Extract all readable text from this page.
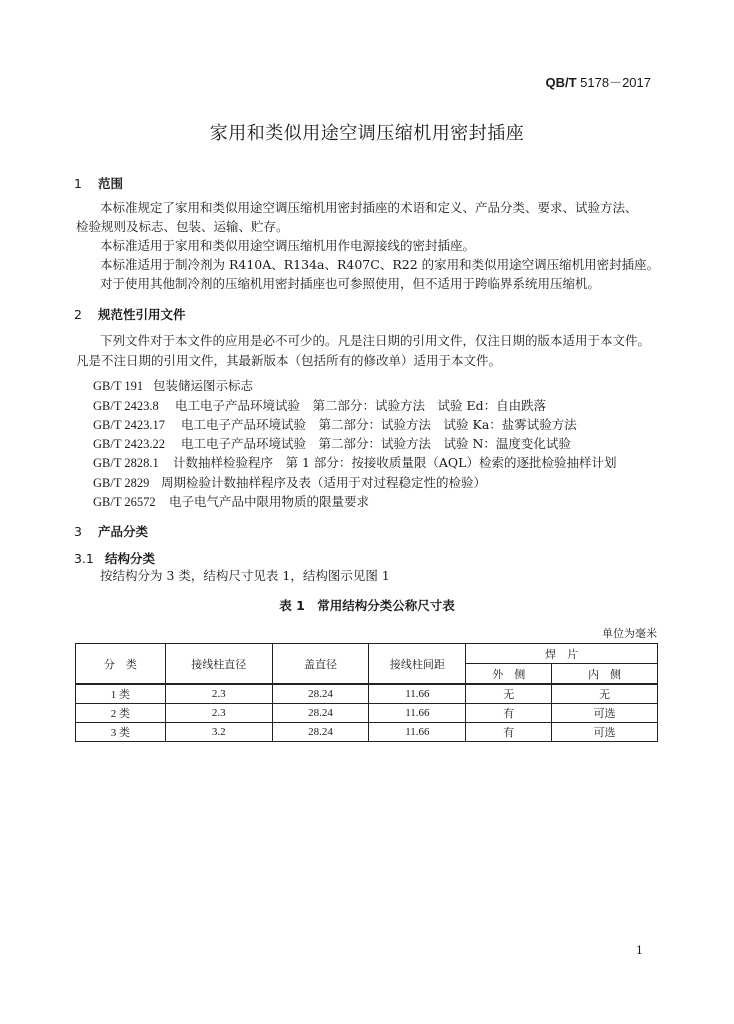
QB/T 5178－2017
家用和类似用途空调压缩机用密封插座
1 范围

本标准规定了家用和类似用途空调压缩机用密封插座的术语和定义、产品分类、要求、试验方法、

检验规则及标志、包装、运输、贮存。

本标准适用于家用和类似用途空调压缩机用作电源接线的密封插座。

本标准适用于制冷剂为 R410A、R134a、R407C、R22 的家用和类似用途空调压缩机用密封插座。

对于使用其他制冷剂的压缩机用密封插座也可参照使用，但不适用于跨临界系统用压缩机。

2 规范性引用文件

下列文件对于本文件的应用是必不可少的。凡是注日期的引用文件，仅注日期的版本适用于本文件。

凡是不注日期的引用文件，其最新版本（包括所有的修改单）适用于本文件。

GB/T 191 包装储运图示标志
GB/T 2423.8 电工电子产品环境试验　第二部分：试验方法　试验 Ed：自由跌落
GB/T 2423.17 电工电子产品环境试验　第二部分：试验方法　试验 Ka：盐雾试验方法
GB/T 2423.22 电工电子产品环境试验　第二部分：试验方法　试验 N：温度变化试验
GB/T 2828.1 计数抽样检验程序　第 1 部分：按接收质量限（AQL）检索的逐批检验抽样计划
GB/T 2829 周期检验计数抽样程序及表（适用于对过程稳定性的检验）
GB/T 26572 电子电气产品中限用物质的限量要求
3 产品分类
3.1 结构分类

按结构分为 3 类，结构尺寸见表 1，结构图示见图 1

表 1　常用结构分类公称尺寸表
单位为毫米
分　类	接线柱直径	盖直径	接线柱间距	焊　片	
				外　侧	内　侧
1 类	2.3	28.24	11.66	无	无
2 类	2.3	28.24	11.66	有	可选
3 类	3.2	28.24	11.66	有	可选
1
